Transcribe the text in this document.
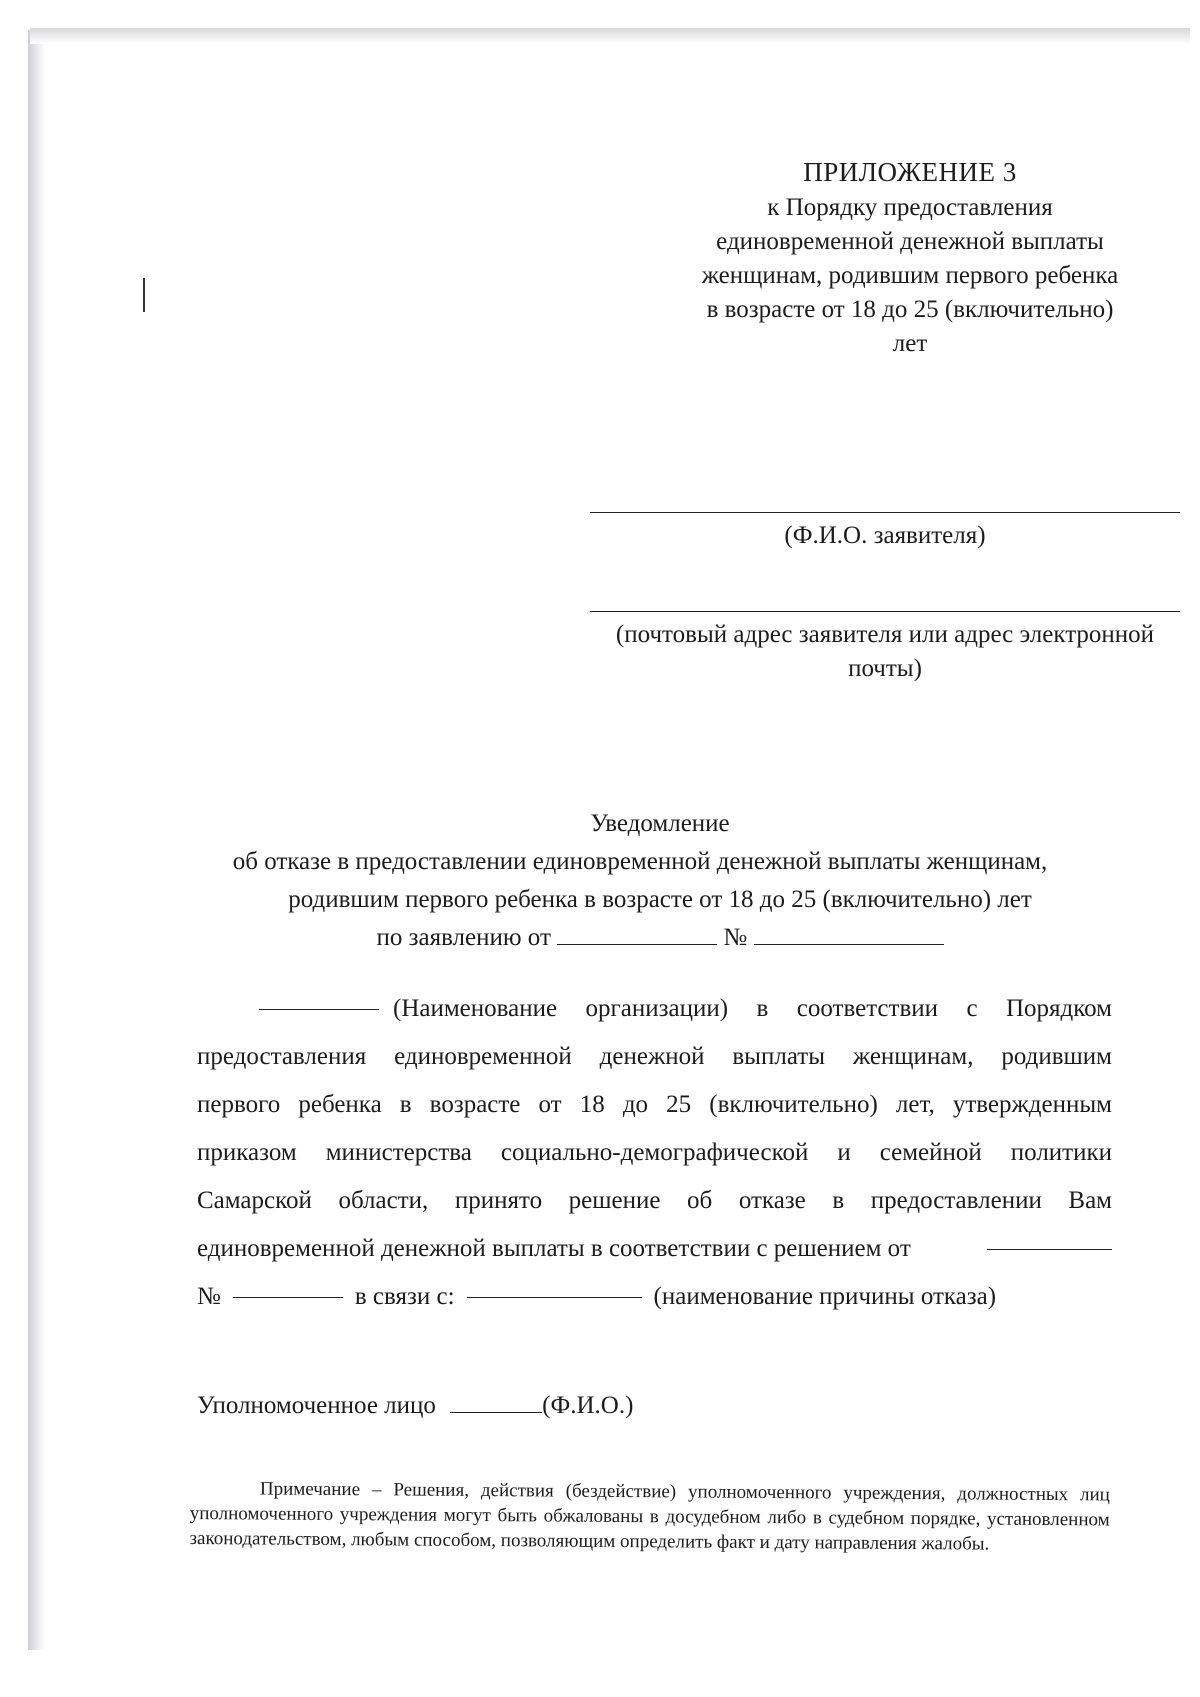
ПРИЛОЖЕНИЕ 3
к Порядку предоставления
единовременной денежной выплаты
женщинам, родившим первого ребенка
в возрасте от 18 до 25 (включительно)
лет
(Ф.И.О. заявителя)
(почтовый адрес заявителя или адрес электронной
почты)
Уведомление
об отказе в предоставлении единовременной денежной выплаты женщинам,
родившим первого ребенка в возрасте от 18 до 25 (включительно) лет
по заявлению от	№
(Наименование организации) в соответствии с Порядком
предоставления единовременной денежной выплаты женщинам, родившим
первого ребенка в возрасте от 18 до 25 (включительно) лет, утвержденным
приказом министерства социально-демографической и семейной политики
Самарской области, принято решение об отказе в предоставлении Вам
единовременной денежной выплаты в соответствии с решением от
№	в связи с:	(наименование причины отказа)
Уполномоченное лицо	(Ф.И.О.)
Примечание – Решения, действия (бездействие) уполномоченного учреждения, должностных лиц уполномоченного учреждения могут быть обжалованы в досудебном либо в судебном порядке, установленном законодательством, любым способом, позволяющим определить факт и дату направления жалобы.
